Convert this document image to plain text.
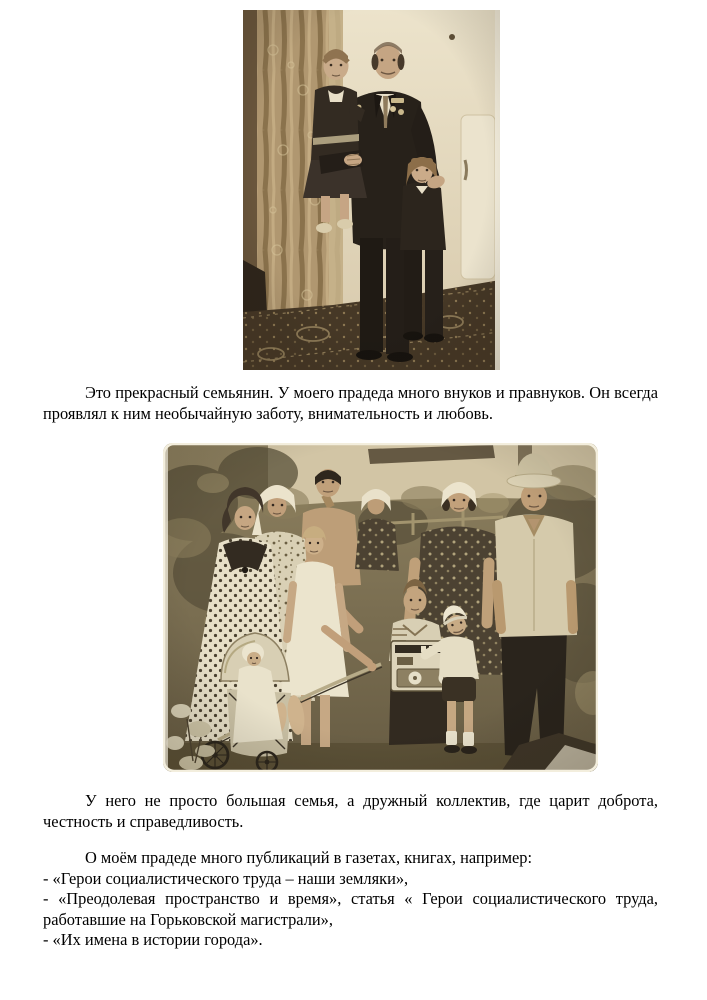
Это прекрасный семьянин. У моего прадеда много внуков и правнуков. Он всегда проявлял к ним необычайную заботу, внимательность и любовь.

У него не просто большая семья, а дружный коллектив, где царит доброта, честность и справедливость.

О моём прадеде много публикаций в газетах, книгах, например:

- «Герои социалистического труда – наши земляки»,

- «Преодолевая пространство и время», статья « Герои социалистического труда, работавшие на Горьковской магистрали»,

- «Их имена в истории города».
